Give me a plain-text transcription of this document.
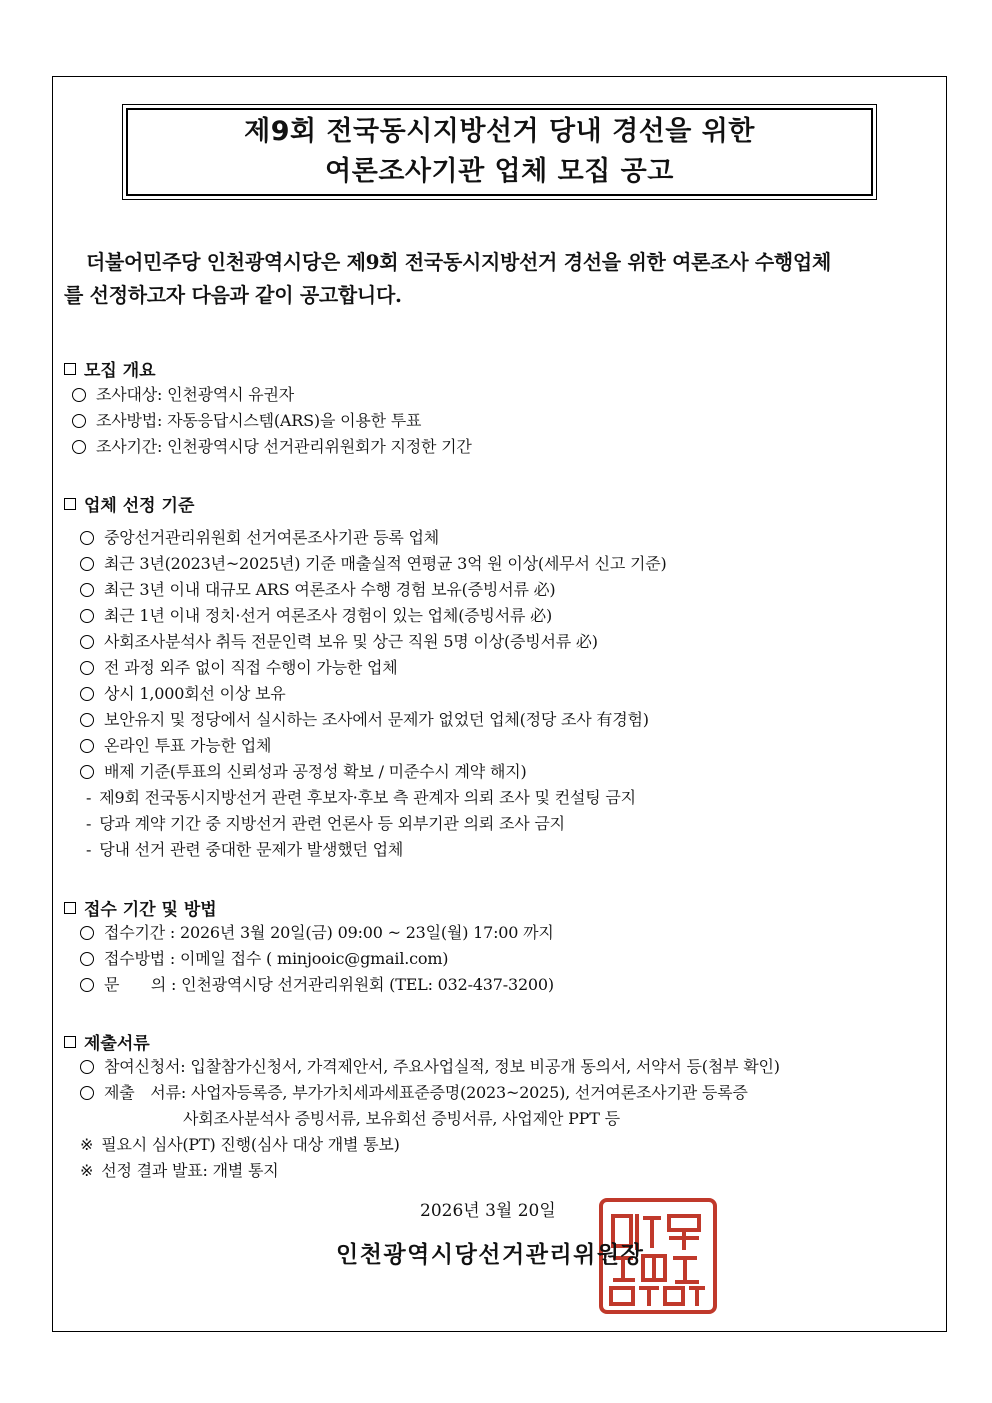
제9회 전국동시지방선거 당내 경선을 위한
여론조사기관 업체 모집 공고

더불어민주당 인천광역시당은 제9회 전국동시지방선거 경선을 위한 여론조사 수행업체

를 선정하고자 다음과 같이 공고합니다.

모집 개요
조사대상: 인천광역시 유권자
조사방법: 자동응답시스템(ARS)을 이용한 투표
조사기간: 인천광역시당 선거관리위원회가 지정한 기간
업체 선정 기준
중앙선거관리위원회 선거여론조사기관 등록 업체
최근 3년(2023년~2025년) 기준 매출실적 연평균 3억 원 이상(세무서 신고 기준)
최근 3년 이내 대규모 ARS 여론조사 수행 경험 보유(증빙서류 必)
최근 1년 이내 정치·선거 여론조사 경험이 있는 업체(증빙서류 必)
사회조사분석사 취득 전문인력 보유 및 상근 직원 5명 이상(증빙서류 必)
전 과정 외주 없이 직접 수행이 가능한 업체
상시 1,000회선 이상 보유
보안유지 및 정당에서 실시하는 조사에서 문제가 없었던 업체(정당 조사 有경험)
온라인 투표 가능한 업체
배제 기준(투표의 신뢰성과 공정성 확보 / 미준수시 계약 해지)
- 제9회 전국동시지방선거 관련 후보자·후보 측 관계자 의뢰 조사 및 컨설팅 금지
- 당과 계약 기간 중 지방선거 관련 언론사 등 외부기관 의뢰 조사 금지
- 당내 선거 관련 중대한 문제가 발생했던 업체
접수 기간 및 방법
접수기간 : 2026년 3월 20일(금) 09:00 ~ 23일(월) 17:00 까지
접수방법 : 이메일 접수 ( minjooic@gmail.com)
문　　의 : 인천광역시당 선거관리위원회 (TEL: 032-437-3200)
제출서류
참여신청서: 입찰참가신청서, 가격제안서, 주요사업실적, 정보 비공개 동의서, 서약서 등(첨부 확인)
제출　서류: 사업자등록증, 부가가치세과세표준증명(2023~2025), 선거여론조사기관 등록증
사회조사분석사 증빙서류, 보유회선 증빙서류, 사업제안 PPT 등
※ 필요시 심사(PT) 진행(심사 대상 개별 통보)
※ 선정 결과 발표: 개별 통지
2026년 3월 20일
인천광역시당선거관리위원장
